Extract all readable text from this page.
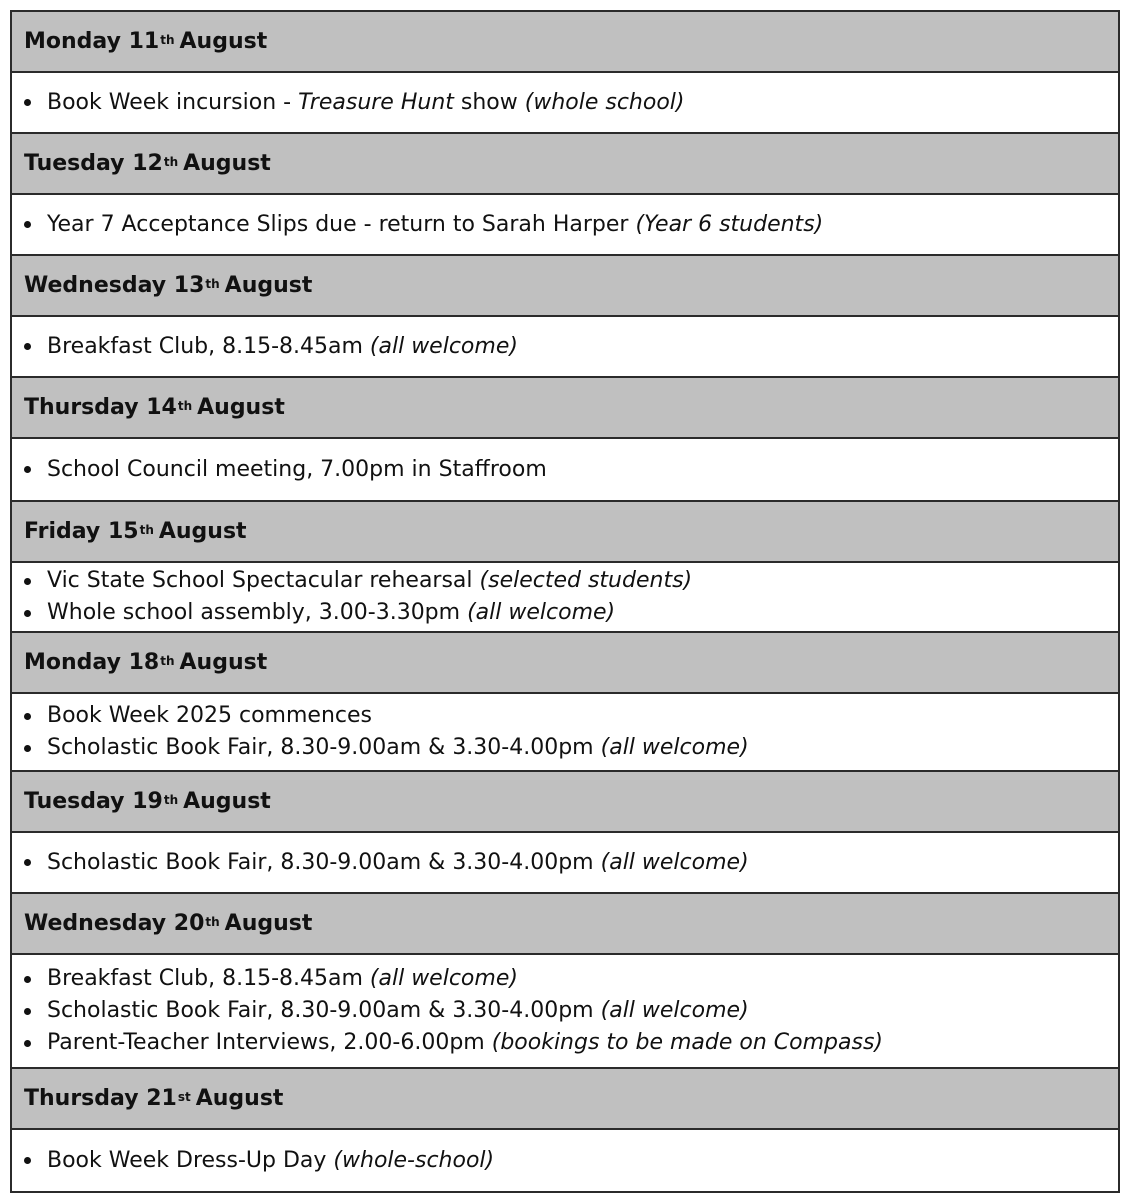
Monday
11th August
Book Week incursion - Treasure Hunt show (whole school)
Tuesday
12th August
Year 7 Acceptance Slips due - return to Sarah Harper (Year 6 students)
Wednesday
13th August
Breakfast Club, 8.15-8.45am (all welcome)
Thursday
14th August
School Council meeting, 7.00pm in Staffroom
Friday
15th August
Vic State School Spectacular rehearsal (selected students)
Whole school assembly, 3.00-3.30pm (all welcome)
Monday
18th August
Book Week 2025 commences
Scholastic Book Fair, 8.30-9.00am & 3.30-4.00pm (all welcome)
Tuesday
19th August
Scholastic Book Fair, 8.30-9.00am & 3.30-4.00pm (all welcome)
Wednesday
20th August
Breakfast Club, 8.15-8.45am (all welcome)
Scholastic Book Fair, 8.30-9.00am & 3.30-4.00pm (all welcome)
Parent-Teacher Interviews, 2.00-6.00pm (bookings to be made on Compass)
Thursday
21st August
Book Week Dress-Up Day (whole-school)
